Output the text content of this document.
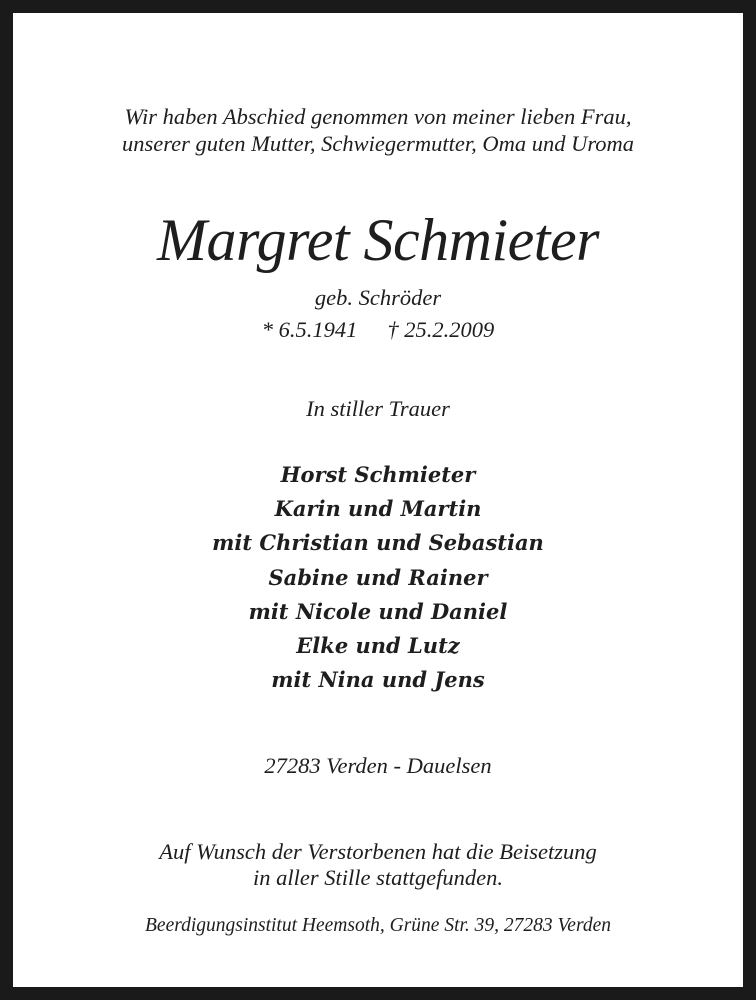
Wir haben Abschied genommen von meiner lieben Frau,
unserer guten Mutter, Schwiegermutter, Oma und Uroma
Margret Schmieter
geb. Schröder
* 6.5.1941 † 25.2.2009
In stiller Trauer
Horst Schmieter
Karin und Martin
mit Christian und Sebastian
Sabine und Rainer
mit Nicole und Daniel
Elke und Lutz
mit Nina und Jens
27283 Verden - Dauelsen
Auf Wunsch der Verstorbenen hat die Beisetzung
in aller Stille stattgefunden.
Beerdigungsinstitut Heemsoth, Grüne Str. 39, 27283 Verden
